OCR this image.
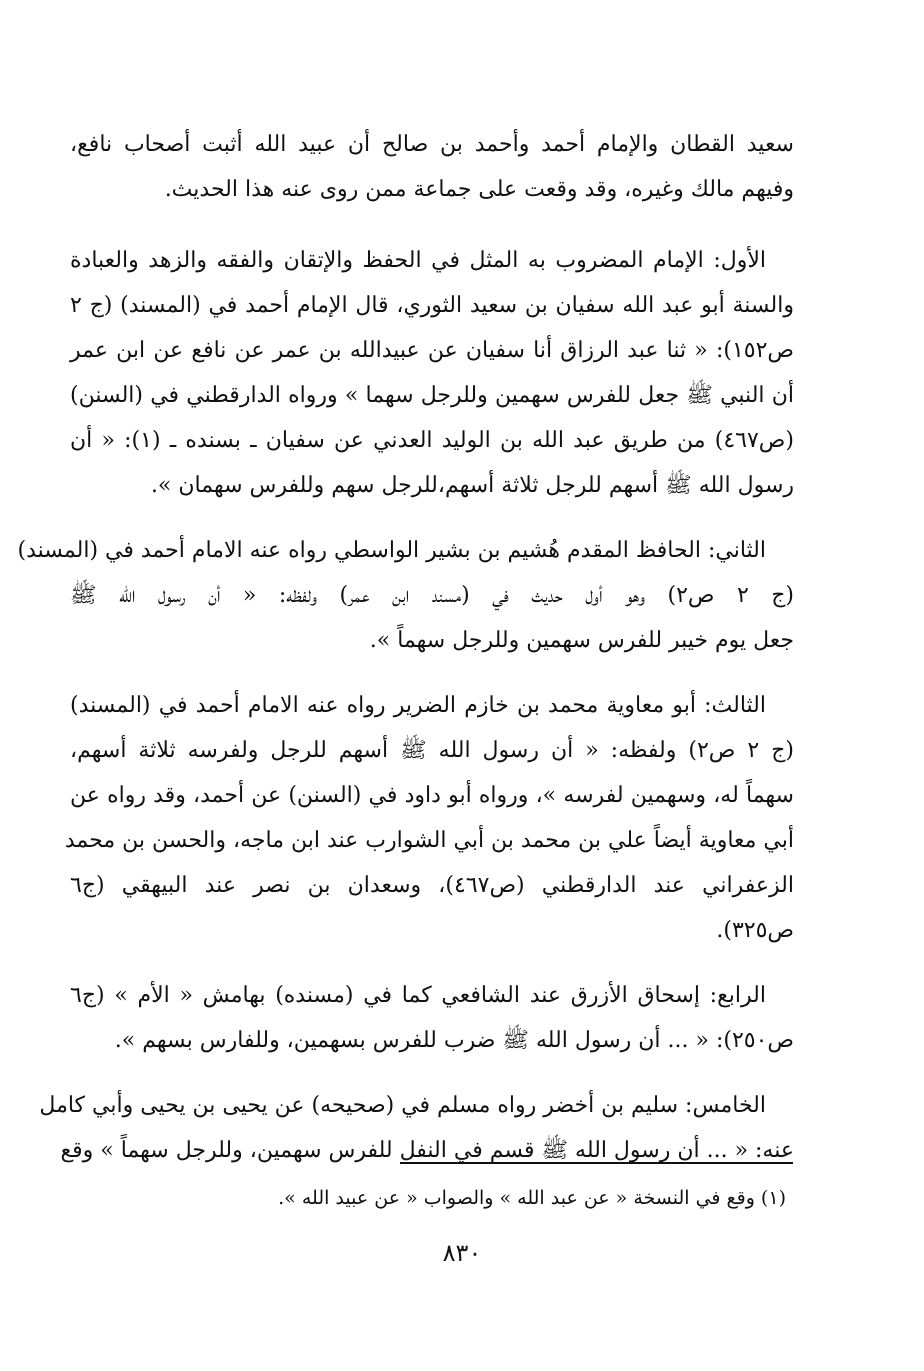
سعيد القطان والإمام أحمد وأحمد بن صالح أن عبيد الله أثبت أصحاب نافع،
وفيهم مالك وغيره، وقد وقعت على جماعة ممن روى عنه هذا الحديث.
الأول: الإمام المضروب به المثل في الحفظ والإتقان والفقه والزهد والعبادة
والسنة أبو عبد الله سفيان بن سعيد الثوري، قال الإمام أحمد في (المسند) (ج ٢
ص١٥٢): « ثنا عبد الرزاق أنا سفيان عن عبيدالله بن عمر عن نافع عن ابن عمر
أن النبي ﷺ جعل للفرس سهمين وللرجل سهما » ورواه الدارقطني في (السنن)
(ص٤٦٧) من طريق عبد الله بن الوليد العدني عن سفيان ـ بسنده ـ (١): « أن
رسول الله ﷺ أسهم للرجل ثلاثة أسهم،للرجل سهم وللفرس سهمان ».
الثاني: الحافظ المقدم هُشيم بن بشير الواسطي رواه عنه الامام أحمد في (المسند)
(ج ٢ ص٢) وهو أول حديث في (مسند ابن عمر) ولفظه: « أن رسول الله ﷺ
جعل يوم خيبر للفرس سهمين وللرجل سهماً ».
الثالث: أبو معاوية محمد بن خازم الضرير رواه عنه الامام أحمد في (المسند)
(ج ٢ ص٢) ولفظه: « أن رسول الله ﷺ أسهم للرجل ولفرسه ثلاثة أسهم،
سهماً له، وسهمين لفرسه »، ورواه أبو داود في (السنن) عن أحمد، وقد رواه عن
أبي معاوية أيضاً علي بن محمد بن أبي الشوارب عند ابن ماجه، والحسن بن محمد
الزعفراني عند الدارقطني (ص٤٦٧)، وسعدان بن نصر عند البيهقي (ج٦
ص٣٢٥).
الرابع: إسحاق الأزرق عند الشافعي كما في (مسنده) بهامش « الأم » (ج٦
ص٢٥٠): « ... أن رسول الله ﷺ ضرب للفرس بسهمين، وللفارس بسهم ».
الخامس: سليم بن أخضر رواه مسلم في (صحيحه) عن يحيى بن يحيى وأبي كامل
عنه: « ... أن رسول الله ﷺ قسم في النفل للفرس سهمين، وللرجل سهماً » وقع
(١) وقع في النسخة « عن عبد الله » والصواب « عن عبيد الله ».
٨٣٠
